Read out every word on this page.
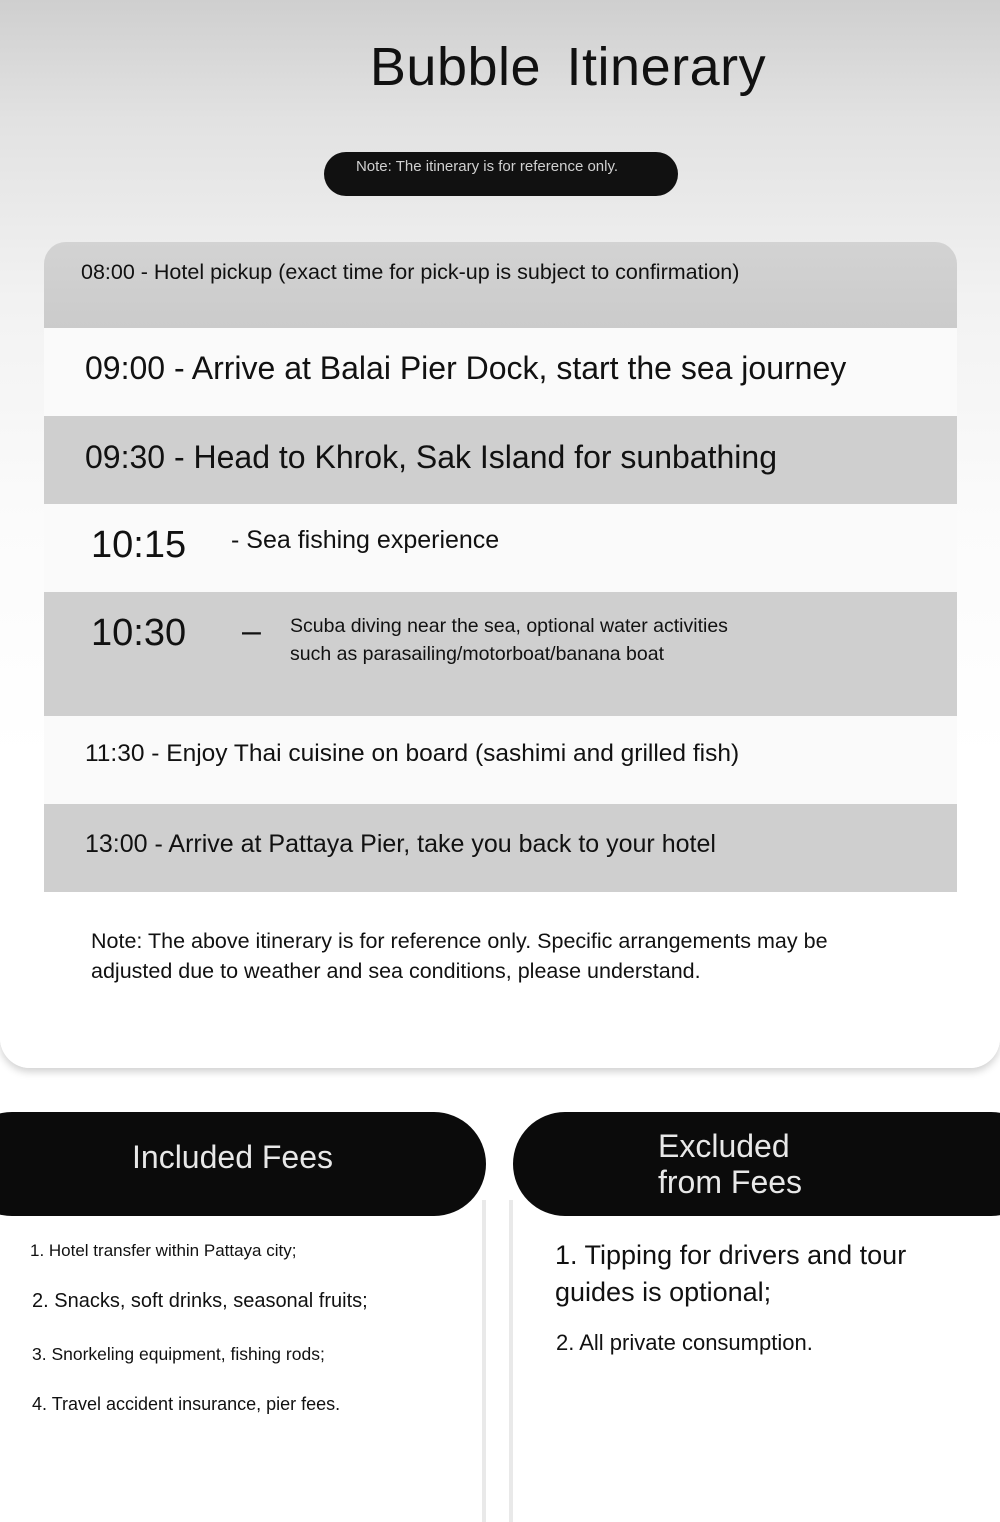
Bubble Itinerary
Note: The itinerary is for reference only.
08:00 - Hotel pickup (exact time for pick-up is subject to confirmation)
09:00 - Arrive at Balai Pier Dock, start the sea journey
09:30 - Head to Khrok, Sak Island for sunbathing
10:15 - Sea fishing experience
10:30 – Scuba diving near the sea, optional water activities
such as parasailing/motorboat/banana boat
11:30 - Enjoy Thai cuisine on board (sashimi and grilled fish)
13:00 - Arrive at Pattaya Pier, take you back to your hotel

Note: The above itinerary is for reference only. Specific arrangements may be adjusted due to weather and sea conditions, please understand.

Included Fees	Excluded
from Fees
1. Hotel transfer within Pattaya city;
2. Snacks, soft drinks, seasonal fruits;
3. Snorkeling equipment, fishing rods;
4. Travel accident insurance, pier fees.
1. Tipping for drivers and tour
guides is optional;
2. All private consumption.
